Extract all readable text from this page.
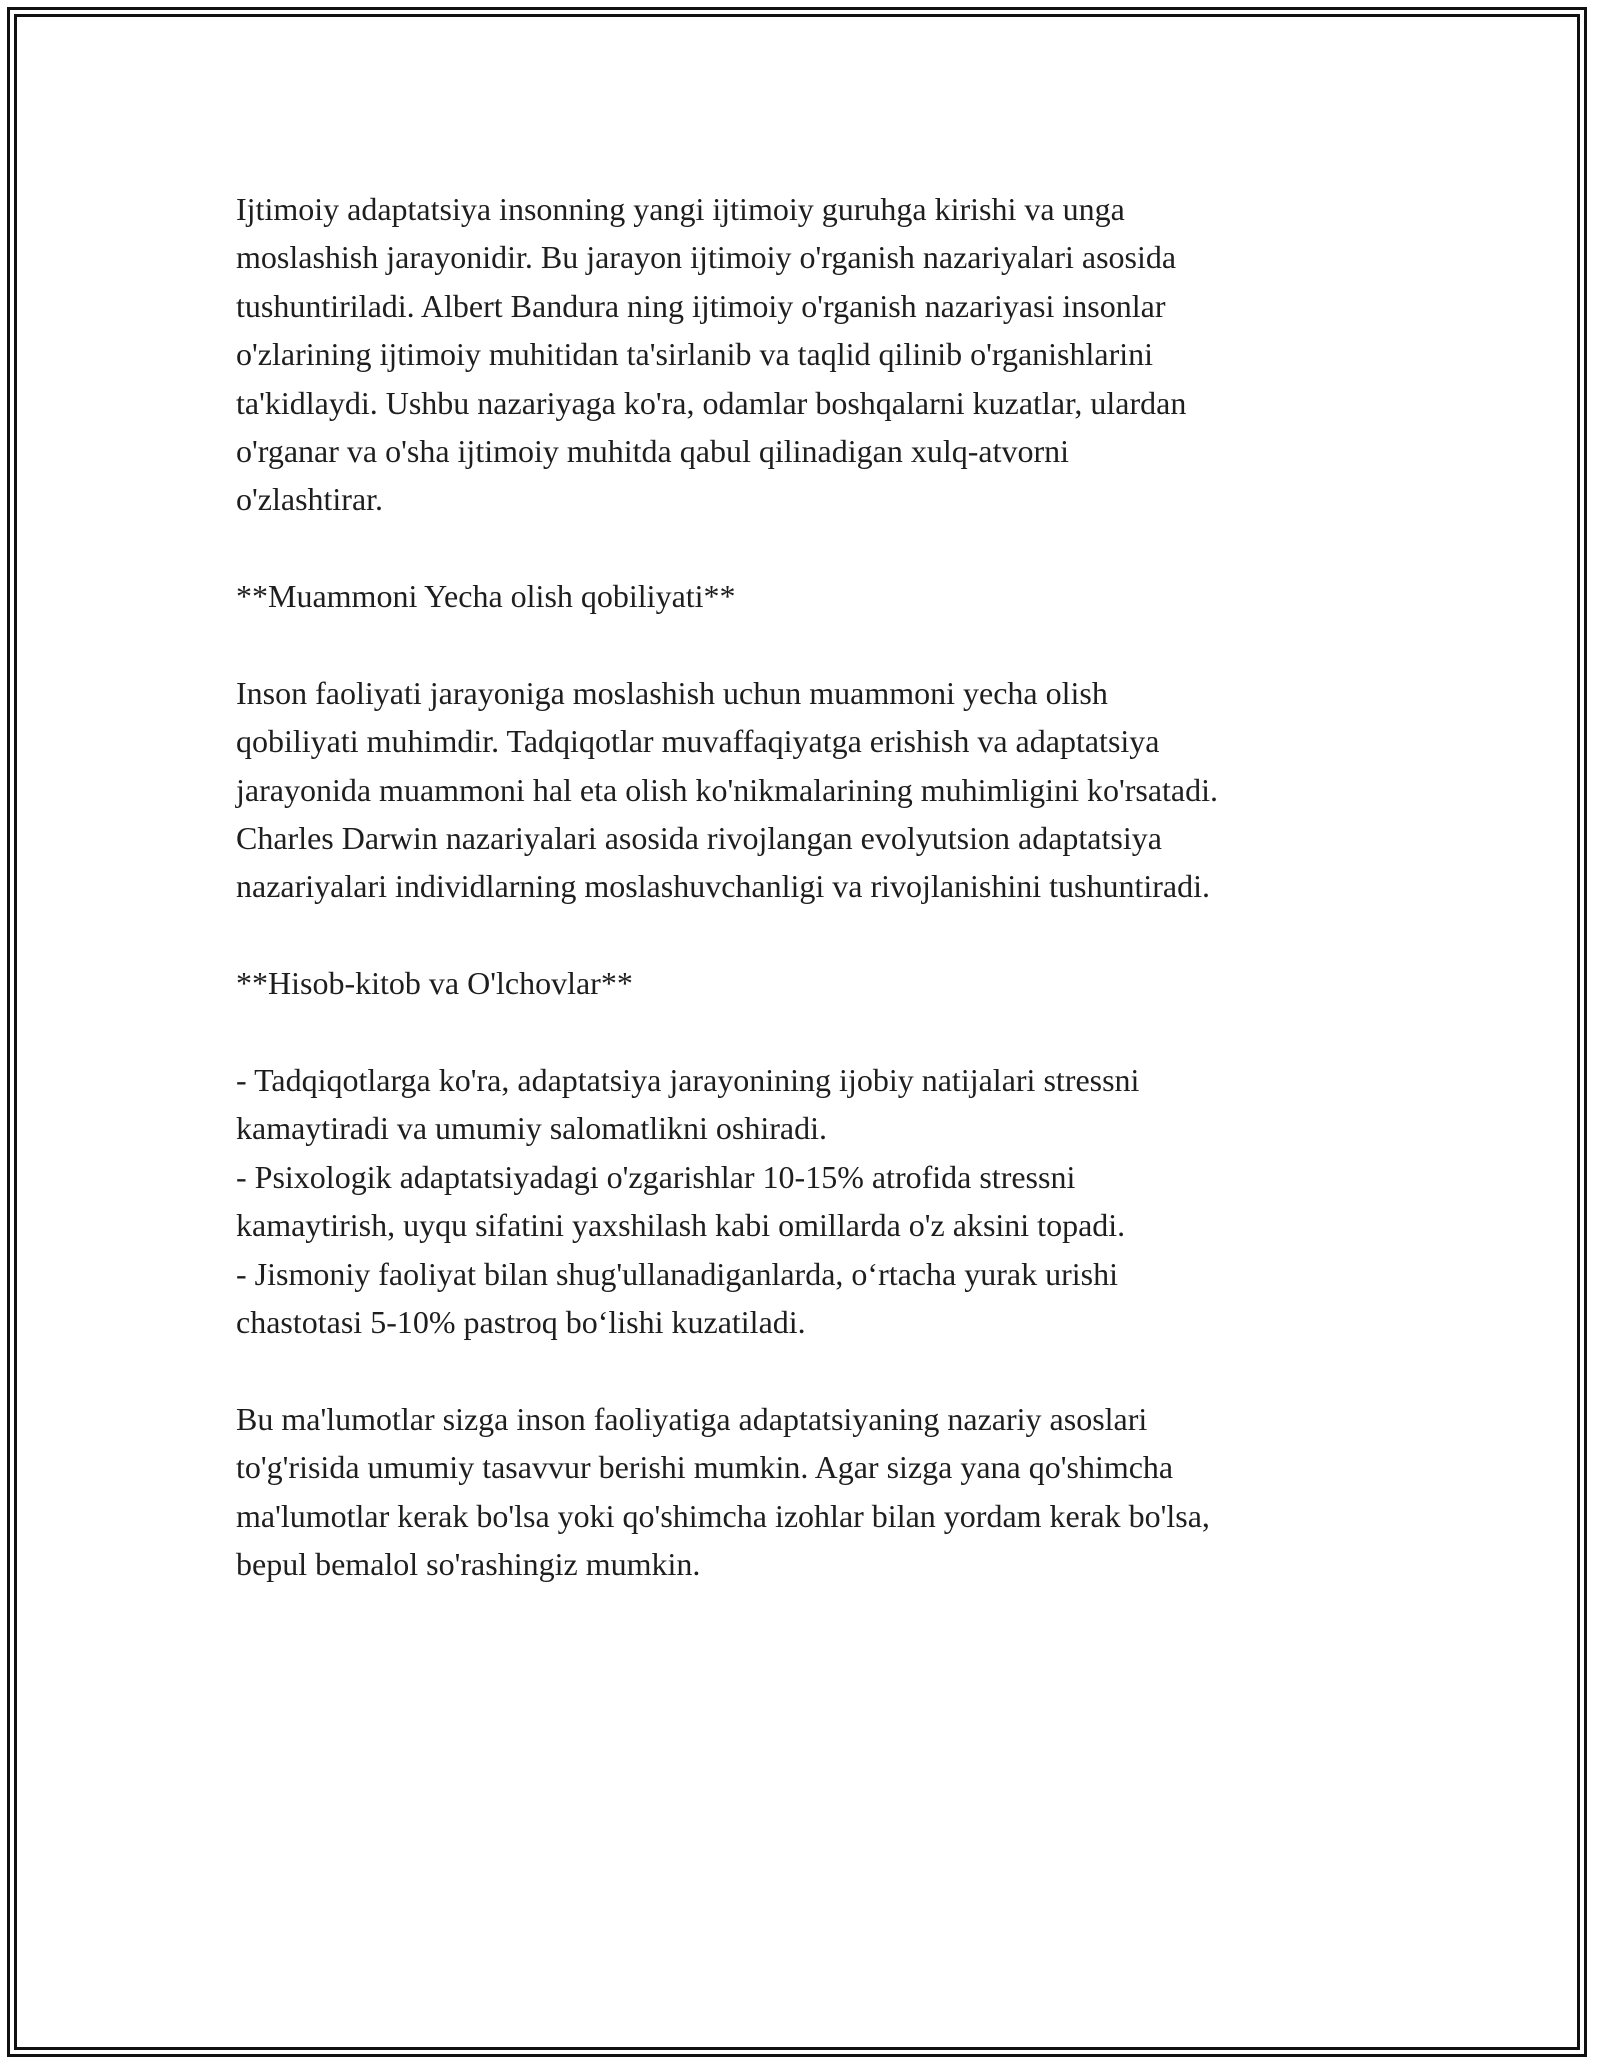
Ijtimoiy adaptatsiya insonning yangi ijtimoiy guruhga kirishi va unga
moslashish jarayonidir. Bu jarayon ijtimoiy o'rganish nazariyalari asosida
tushuntiriladi. Albert Bandura ning ijtimoiy o'rganish nazariyasi insonlar
o'zlarining ijtimoiy muhitidan ta'sirlanib va taqlid qilinib o'rganishlarini
ta'kidlaydi. Ushbu nazariyaga ko'ra, odamlar boshqalarni kuzatlar, ulardan
o'rganar va o'sha ijtimoiy muhitda qabul qilinadigan xulq-atvorni
o'zlashtirar.
**Muammoni Yecha olish qobiliyati**
Inson faoliyati jarayoniga moslashish uchun muammoni yecha olish
qobiliyati muhimdir. Tadqiqotlar muvaffaqiyatga erishish va adaptatsiya
jarayonida muammoni hal eta olish ko'nikmalarining muhimligini ko'rsatadi.
Charles Darwin nazariyalari asosida rivojlangan evolyutsion adaptatsiya
nazariyalari individlarning moslashuvchanligi va rivojlanishini tushuntiradi.
**Hisob-kitob va O'lchovlar**
- Tadqiqotlarga ko'ra, adaptatsiya jarayonining ijobiy natijalari stressni
kamaytiradi va umumiy salomatlikni oshiradi.
- Psixologik adaptatsiyadagi o'zgarishlar 10-15% atrofida stressni
kamaytirish, uyqu sifatini yaxshilash kabi omillarda o'z aksini topadi.
- Jismoniy faoliyat bilan shug'ullanadiganlarda, o‘rtacha yurak urishi
chastotasi 5-10% pastroq bo‘lishi kuzatiladi.
Bu ma'lumotlar sizga inson faoliyatiga adaptatsiyaning nazariy asoslari
to'g'risida umumiy tasavvur berishi mumkin. Agar sizga yana qo'shimcha
ma'lumotlar kerak bo'lsa yoki qo'shimcha izohlar bilan yordam kerak bo'lsa,
bepul bemalol so'rashingiz mumkin.
